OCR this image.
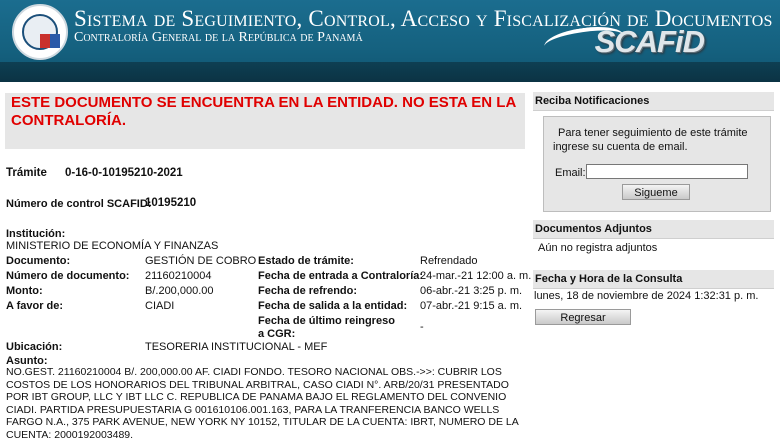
Sistema de Seguimiento, Control, Acceso y Fiscalización de Documentos
Contraloría General de la República de Panamá	SCAFiD
ESTE DOCUMENTO SE ENCUENTRA EN LA ENTIDAD. NO ESTA EN LA CONTRALORÍA.
Trámite 0-16-0-10195210-2021
Número de control SCAFID:
10195210
Institución:
MINISTERIO DE ECONOMÍA Y FINANZAS
Documento:	GESTIÓN DE COBRO
Número de documento: 21160210004
Monto:	B/.200,000.00
A favor de:	CIADI
Estado de trámite:	Refrendado
Fecha de entrada a Contraloría:
24-mar.-21 12:00 a. m.
Fecha de refrendo:	06-abr.-21 3:25 p. m.
Fecha de salida a la entidad: 07-abr.-21 9:15 a. m.
Fecha de último reingreso a CGR:
-
Ubicación:	TESORERIA INSTITUCIONAL - MEF
Asunto:
NO.GEST. 21160210004 B/. 200,000.00 AF. CIADI FONDO. TESORO NACIONAL OBS.->>: CUBRIR LOS COSTOS DE LOS HONORARIOS DEL TRIBUNAL ARBITRAL, CASO CIADI N°. ARB/20/31 PRESENTADO POR IBT GROUP, LLC Y IBT LLC C. REPUBLICA DE PANAMA BAJO EL REGLAMENTO DEL CONVENIO CIADI. PARTIDA PRESUPUESTARIA G 001610106.001.163, PARA LA TRANFERENCIA BANCO WELLS FARGO N.A., 375 PARK AVENUE, NEW YORK NY 10152, TITULAR DE LA CUENTA: IBRT, NUMERO DE LA CUENTA: 2000192003489.
Reciba Notificaciones
Para tener seguimiento de este trámite ingrese su cuenta de email.
Email:
Sigueme
Documentos Adjuntos
Aún no registra adjuntos
Fecha y Hora de la Consulta
lunes, 18 de noviembre de 2024 1:32:31 p. m.
Regresar
